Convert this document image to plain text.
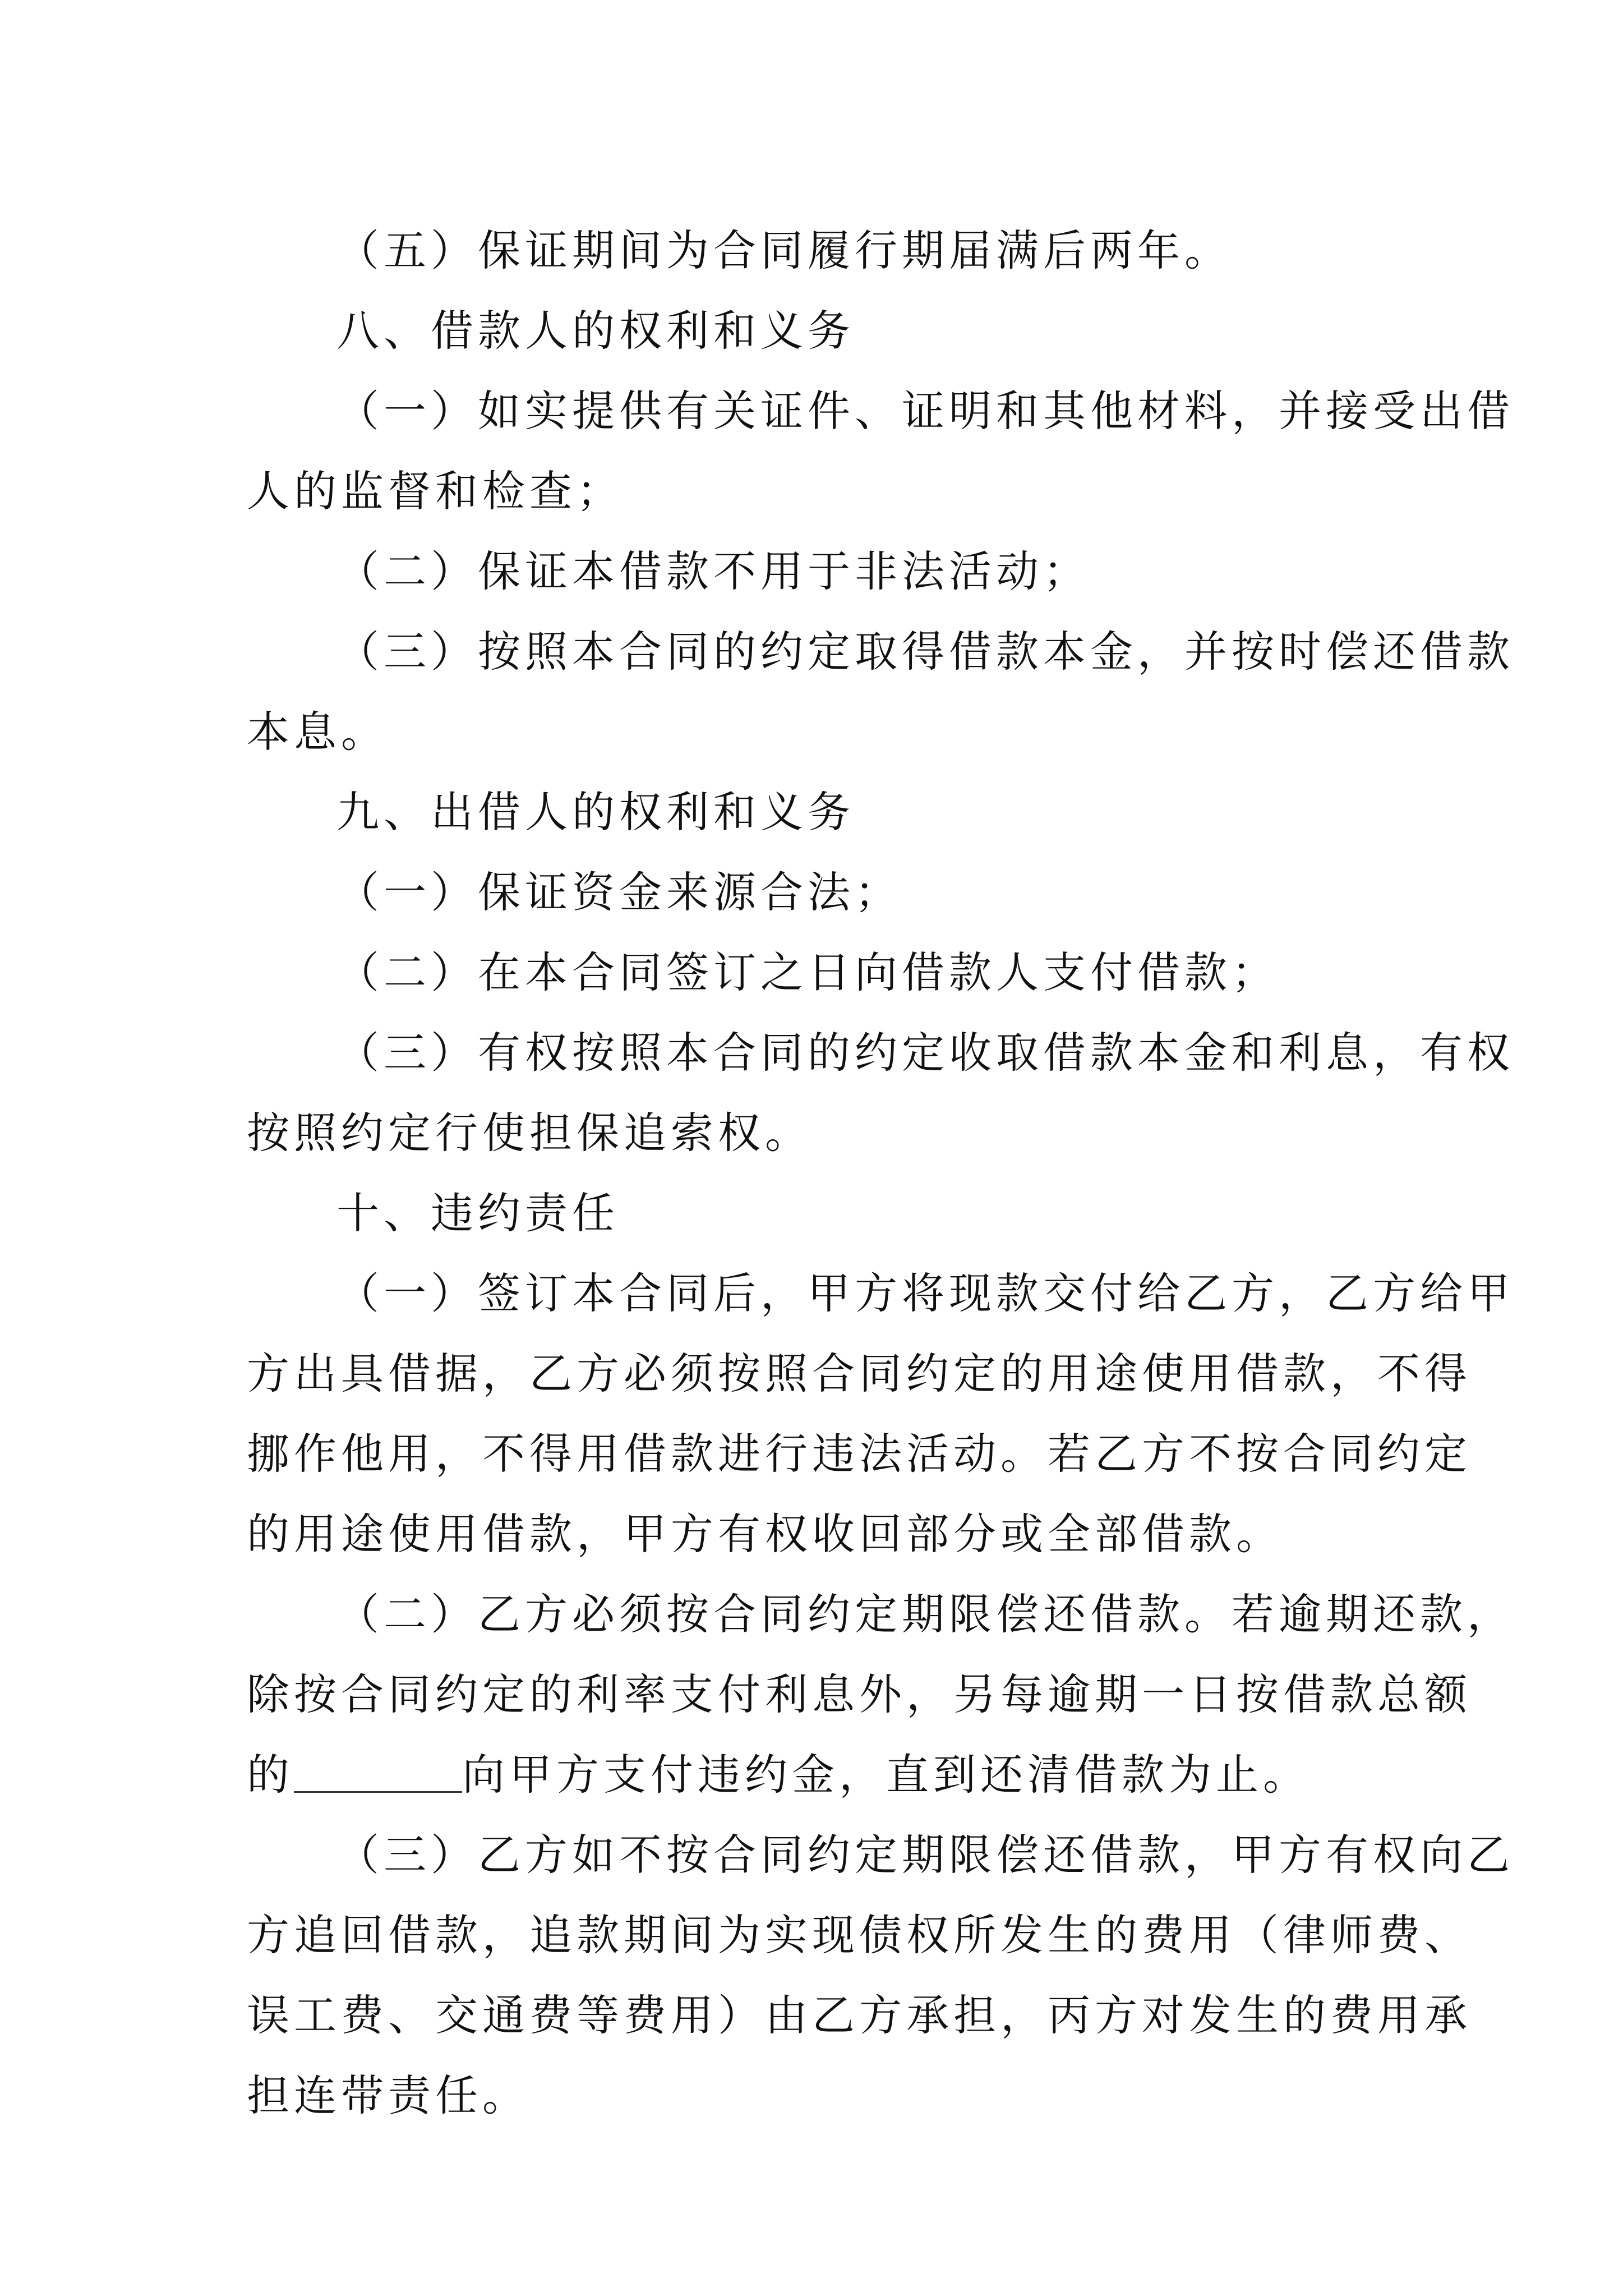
（五）保证期间为合同履行期届满后两年。
八、借款人的权利和义务
（一）如实提供有关证件、证明和其他材料，并接受出借
人的监督和检查；
（二）保证本借款不用于非法活动；
（三）按照本合同的约定取得借款本金，并按时偿还借款
本息。
九、出借人的权利和义务
（一）保证资金来源合法；
（二）在本合同签订之日向借款人支付借款；
（三）有权按照本合同的约定收取借款本金和利息，有权
按照约定行使担保追索权。
十、违约责任
（一）签订本合同后，甲方将现款交付给乙方，乙方给甲
方出具借据，乙方必须按照合同约定的用途使用借款，不得
挪作他用，不得用借款进行违法活动。若乙方不按合同约定
的用途使用借款，甲方有权收回部分或全部借款。
（二）乙方必须按合同约定期限偿还借款。若逾期还款，
除按合同约定的利率支付利息外，另每逾期一日按借款总额
的	向甲方支付违约金，直到还清借款为止。
（三）乙方如不按合同约定期限偿还借款，甲方有权向乙
方追回借款，追款期间为实现债权所发生的费用（律师费、
误工费、交通费等费用）由乙方承担，丙方对发生的费用承
担连带责任。
